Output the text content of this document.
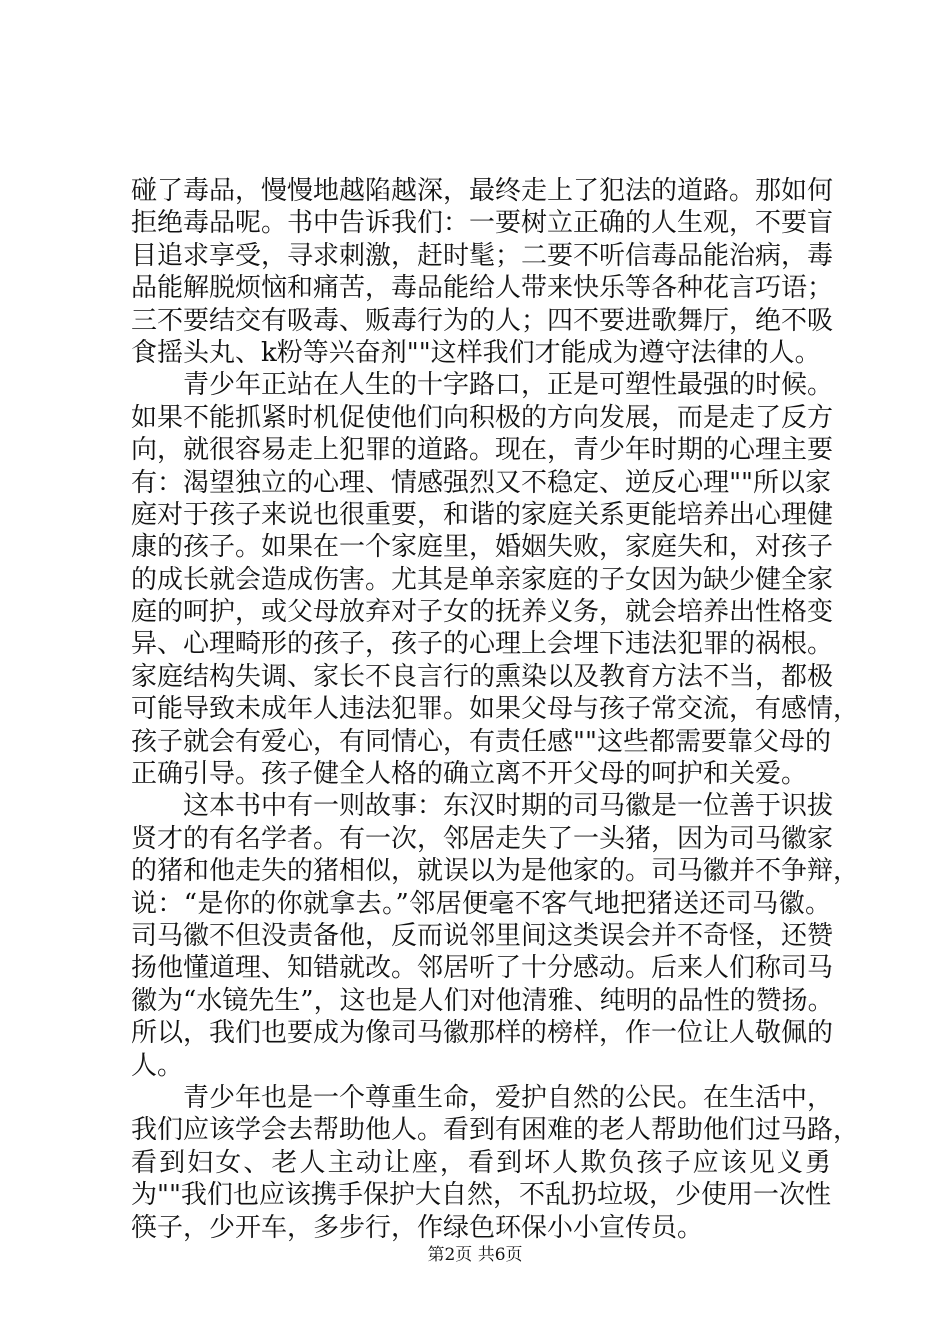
碰了毒品，慢慢地越陷越深，最终走上了犯法的道路。那如何
拒绝毒品呢。书中告诉我们：一要树立正确的人生观，不要盲
目追求享受，寻求刺激，赶时髦；二要不听信毒品能治病，毒
品能解脱烦恼和痛苦，毒品能给人带来快乐等各种花言巧语；
三不要结交有吸毒、贩毒行为的人；四不要进歌舞厅，绝不吸
食摇头丸、k粉等兴奋剂""这样我们才能成为遵守法律的人。
青少年正站在人生的十字路口，正是可塑性最强的时候。
如果不能抓紧时机促使他们向积极的方向发展，而是走了反方
向，就很容易走上犯罪的道路。现在，青少年时期的心理主要
有：渴望独立的心理、情感强烈又不稳定、逆反心理""所以家
庭对于孩子来说也很重要，和谐的家庭关系更能培养出心理健
康的孩子。如果在一个家庭里，婚姻失败，家庭失和，对孩子
的成长就会造成伤害。尤其是单亲家庭的子女因为缺少健全家
庭的呵护，或父母放弃对子女的抚养义务，就会培养出性格变
异、心理畸形的孩子，孩子的心理上会埋下违法犯罪的祸根。
家庭结构失调、家长不良言行的熏染以及教育方法不当，都极
可能导致未成年人违法犯罪。如果父母与孩子常交流，有感情，
孩子就会有爱心，有同情心，有责任感""这些都需要靠父母的
正确引导。孩子健全人格的确立离不开父母的呵护和关爱。
这本书中有一则故事：东汉时期的司马徽是一位善于识拔
贤才的有名学者。有一次，邻居走失了一头猪，因为司马徽家
的猪和他走失的猪相似，就误以为是他家的。司马徽并不争辩，
说：“是你的你就拿去。”邻居便毫不客气地把猪送还司马徽。
司马徽不但没责备他，反而说邻里间这类误会并不奇怪，还赞
扬他懂道理、知错就改。邻居听了十分感动。后来人们称司马
徽为“水镜先生”，这也是人们对他清雅、纯明的品性的赞扬。
所以，我们也要成为像司马徽那样的榜样，作一位让人敬佩的
人。
青少年也是一个尊重生命，爱护自然的公民。在生活中，
我们应该学会去帮助他人。看到有困难的老人帮助他们过马路，
看到妇女、老人主动让座，看到坏人欺负孩子应该见义勇
为""我们也应该携手保护大自然，不乱扔垃圾，少使用一次性
筷子，少开车，多步行，作绿色环保小小宣传员。
第2页 共6页
